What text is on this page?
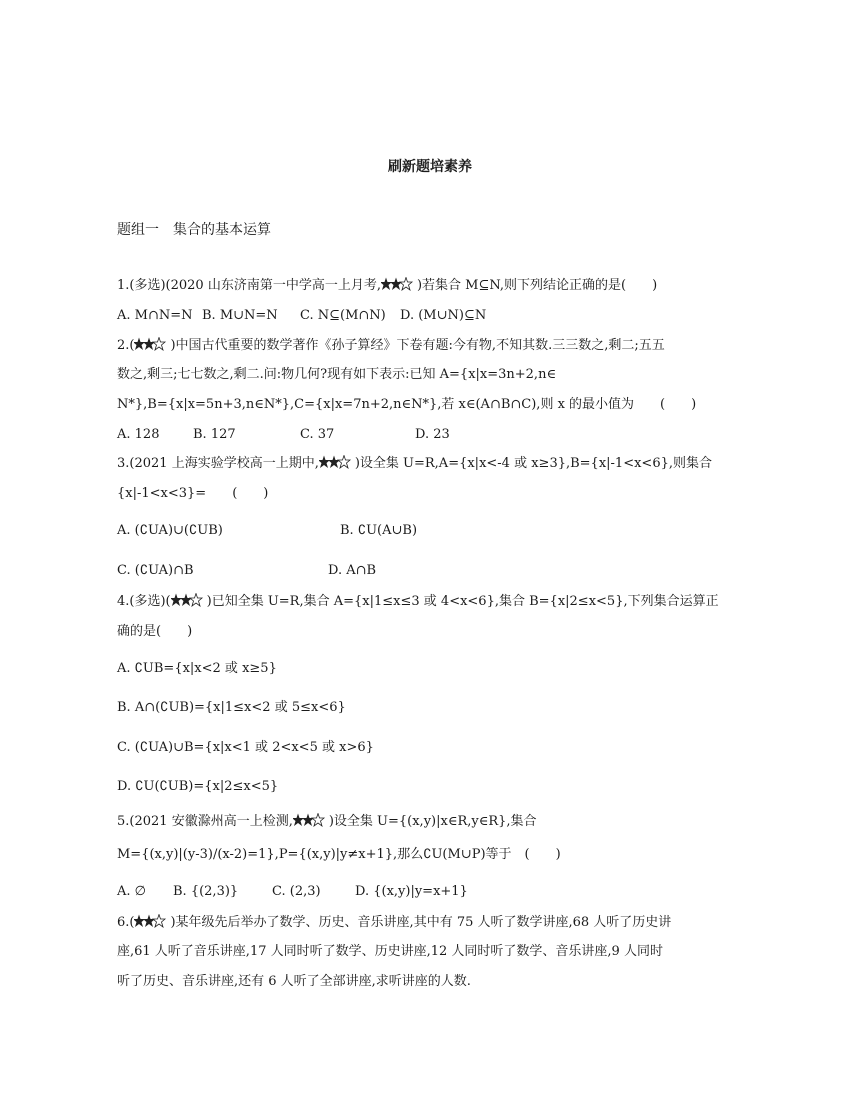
刷新题培素养
题组一　集合的基本运算
1.(多选)(2020 山东济南第一中学高一上月考,	)若集合 M⊆N,则下列结论正确的是(　　)
A. M∩N=N B. M∪N=N C. N⊆(M∩N) D. (M∪N)⊆N
2.(	)中国古代重要的数学著作《孙子算经》下卷有题:今有物,不知其数.三三数之,剩二;五五
数之,剩三;七七数之,剩二.问:物几何?现有如下表示:已知 A={x|x=3n+2,n∈
N*},B={x|x=5n+3,n∈N*},C={x|x=7n+2,n∈N*},若 x∈(A∩B∩C),则 x 的最小值为　　(　　)
A. 128	B. 127	C. 37	D. 23
3.(2021 上海实验学校高一上期中,	)设全集 U=R,A={x|x<-4 或 x≥3},B={x|-1<x<6},则集合
{x|-1<x<3}=　　(　　)
A. (∁UA)∪(∁UB)	B. ∁U(A∪B)
C. (∁UA)∩B	D. A∩B
4.(多选)(	)已知全集 U=R,集合 A={x|1≤x≤3 或 4<x<6},集合 B={x|2≤x<5},下列集合运算正
确的是(　　)
A. ∁UB={x|x<2 或 x≥5}
B. A∩(∁UB)={x|1≤x<2 或 5≤x<6}
C. (∁UA)∪B={x|x<1 或 2<x<5 或 x>6}
D. ∁U(∁UB)={x|2≤x<5}
5.(2021 安徽滁州高一上检测,	)设全集 U={(x,y)|x∈R,y∈R},集合
M={(x,y)|(y-3)/(x-2)=1},P={(x,y)|y≠x+1},那么∁U(M∪P)等于　(　　)
A. ∅ B. {(2,3)}	C. (2,3)	D. {(x,y)|y=x+1}
6.(	)某年级先后举办了数学、历史、音乐讲座,其中有 75 人听了数学讲座,68 人听了历史讲
座,61 人听了音乐讲座,17 人同时听了数学、历史讲座,12 人同时听了数学、音乐讲座,9 人同时
听了历史、音乐讲座,还有 6 人听了全部讲座,求听讲座的人数.
